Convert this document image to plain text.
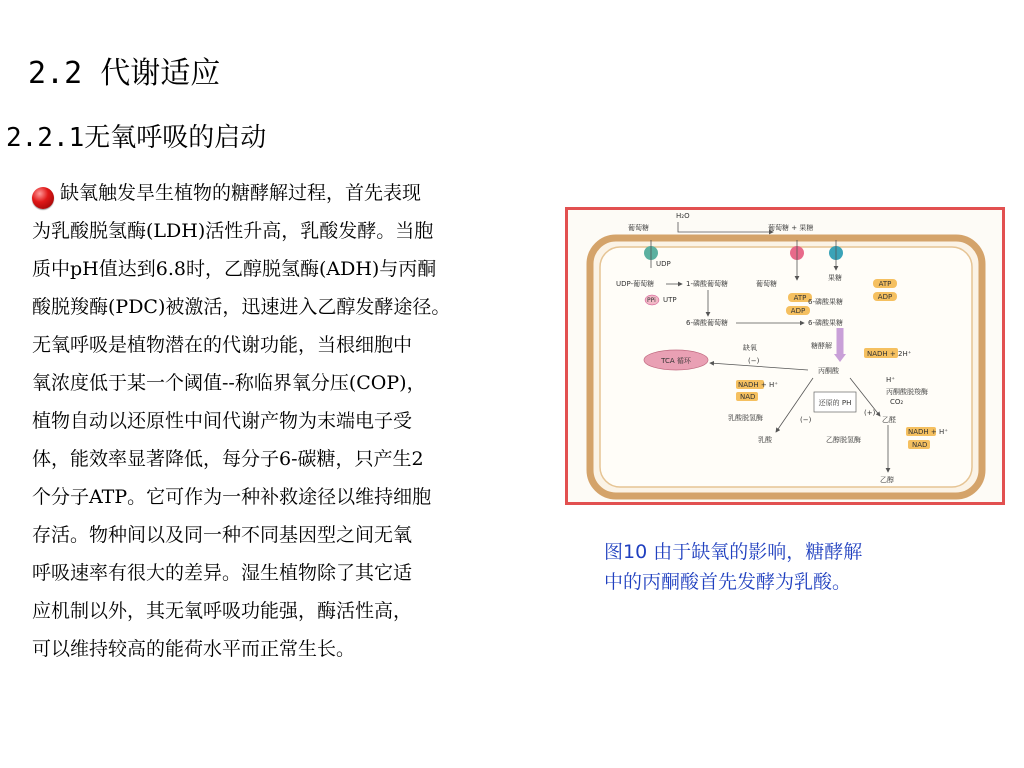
2.2 代谢适应
2.2.1无氧呼吸的启动
缺氧触发旱生植物的糖酵解过程，首先表现
为乳酸脱氢酶(LDH)活性升高，乳酸发酵。当胞
质中pH值达到6.8时，乙醇脱氢酶(ADH)与丙酮
酸脱羧酶(PDC)被激活，迅速进入乙醇发酵途径。
无氧呼吸是植物潜在的代谢功能，当根细胞中
氧浓度低于某一个阈值--称临界氧分压(COP)，
植物自动以还原性中间代谢产物为末端电子受
体，能效率显著降低，每分子6-碳糖，只产生2
个分子ATP。它可作为一种补救途径以维持细胞
存活。物种间以及同一种不同基因型之间无氧
呼吸速率有很大的差异。湿生植物除了其它适
应机制以外，其无氧呼吸功能强，酶活性高，
可以维持较高的能荷水平而正常生长。
H₂O
葡萄糖	葡萄糖 + 果糖
UDP
果糖
UDP-葡萄糖	1-磷酸葡萄糖	葡萄糖
PPi UTP	ATP
ADP
ATP
ADP
6-磷酸果糖
6-磷酸葡萄糖	6-磷酸果糖
糖酵解
NADH + 2H⁺
TCA 循环
缺氧
(−)
丙酮酸
NADH + H⁺
NAD
乳酸脱氢酶
乳酸
还原的 PH
(−)
(+)
H⁺
丙酮酸脱羧酶
CO₂
乙醛
NADH + H⁺
NAD
乙醇脱氢酶
乙醇
图10 由于缺氧的影响，糖酵解
中的丙酮酸首先发酵为乳酸。
